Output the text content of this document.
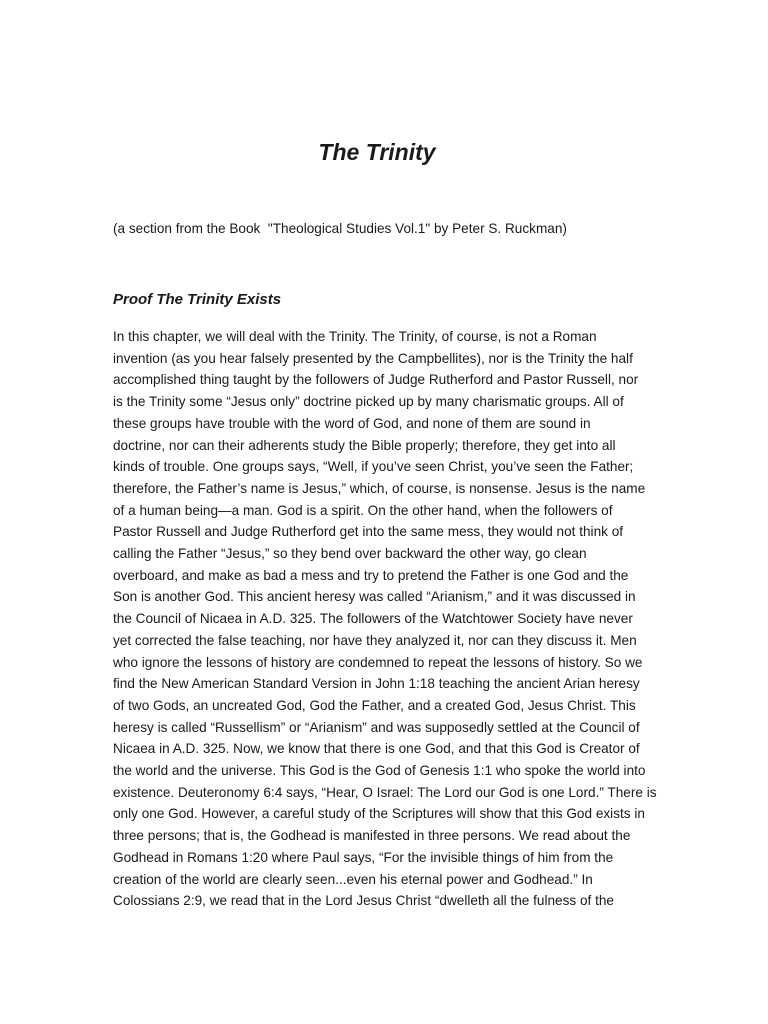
The Trinity

(a section from the Book  "Theological Studies Vol.1" by Peter S. Ruckman)

Proof The Trinity Exists
In this chapter, we will deal with the Trinity. The Trinity, of course, is not a Roman
invention (as you hear falsely presented by the Campbellites), nor is the Trinity the half
accomplished thing taught by the followers of Judge Rutherford and Pastor Russell, nor
is the Trinity some “Jesus only” doctrine picked up by many charismatic groups. All of
these groups have trouble with the word of God, and none of them are sound in
doctrine, nor can their adherents study the Bible properly; therefore, they get into all
kinds of trouble. One groups says, “Well, if you’ve seen Christ, you’ve seen the Father;
therefore, the Father’s name is Jesus,” which, of course, is nonsense. Jesus is the name
of a human being—a man. God is a spirit. On the other hand, when the followers of
Pastor Russell and Judge Rutherford get into the same mess, they would not think of
calling the Father “Jesus,” so they bend over backward the other way, go clean
overboard, and make as bad a mess and try to pretend the Father is one God and the
Son is another God. This ancient heresy was called “Arianism,” and it was discussed in
the Council of Nicaea in A.D. 325. The followers of the Watchtower Society have never
yet corrected the false teaching, nor have they analyzed it, nor can they discuss it. Men
who ignore the lessons of history are condemned to repeat the lessons of history. So we
find the New American Standard Version in John 1:18 teaching the ancient Arian heresy
of two Gods, an uncreated God, God the Father, and a created God, Jesus Christ. This
heresy is called “Russellism” or “Arianism” and was supposedly settled at the Council of
Nicaea in A.D. 325. Now, we know that there is one God, and that this God is Creator of
the world and the universe. This God is the God of Genesis 1:1 who spoke the world into
existence. Deuteronomy 6:4 says, “Hear, O Israel: The Lord our God is one Lord.” There is
only one God. However, a careful study of the Scriptures will show that this God exists in
three persons; that is, the Godhead is manifested in three persons. We read about the
Godhead in Romans 1:20 where Paul says, “For the invisible things of him from the
creation of the world are clearly seen...even his eternal power and Godhead.” In
Colossians 2:9, we read that in the Lord Jesus Christ “dwelleth all the fulness of the
